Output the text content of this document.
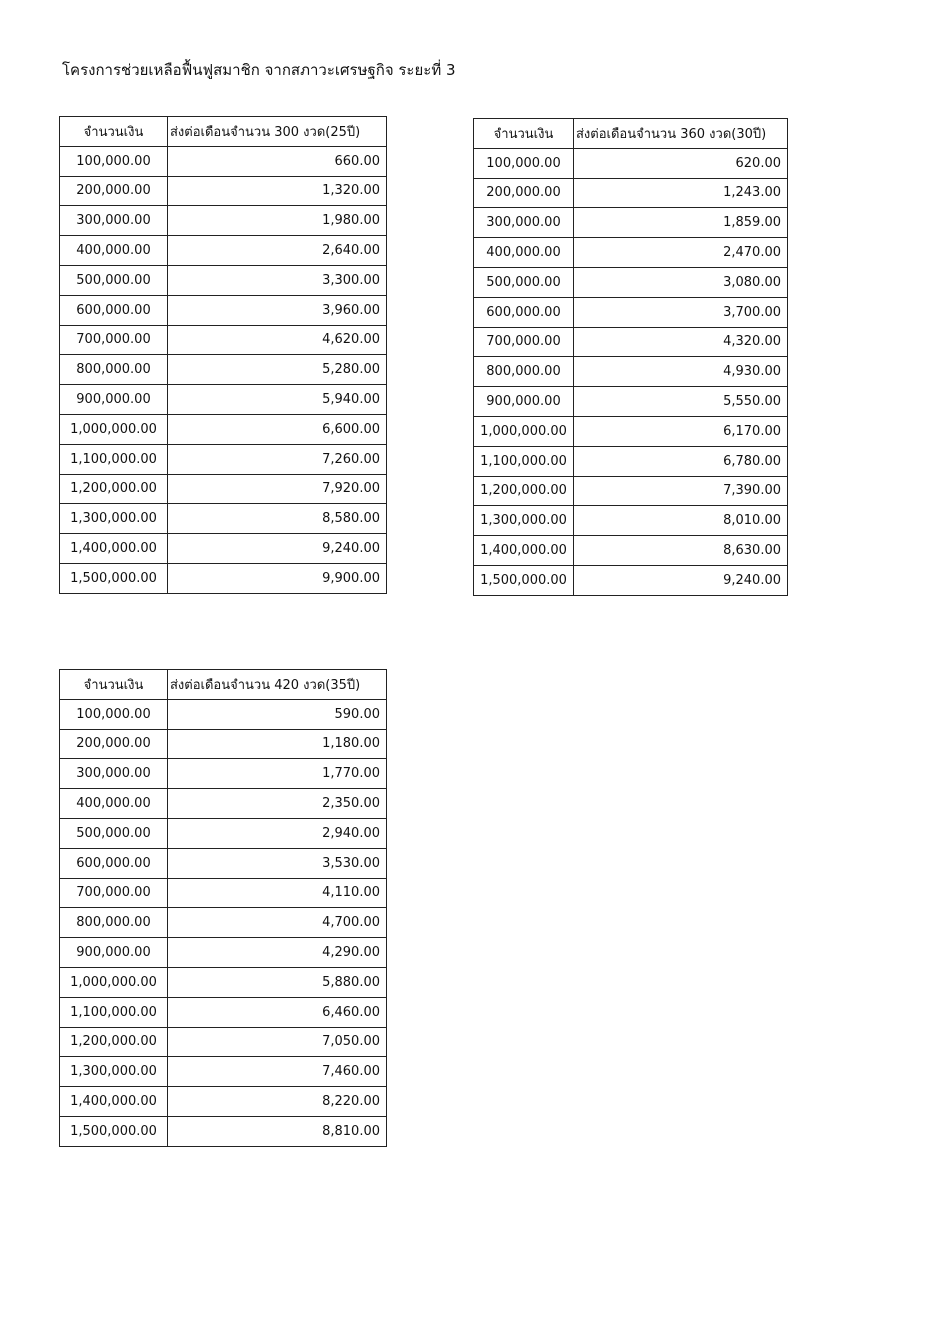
โครงการช่วยเหลือฟื้นฟูสมาชิก จากสภาวะเศรษฐกิจ ระยะที่ 3
จำนวนเงิน	ส่งต่อเดือนจำนวน 300 งวด(25ปี)
100,000.00	660.00
200,000.00	1,320.00
300,000.00	1,980.00
400,000.00	2,640.00
500,000.00	3,300.00
600,000.00	3,960.00
700,000.00	4,620.00
800,000.00	5,280.00
900,000.00	5,940.00
1,000,000.00	6,600.00
1,100,000.00	7,260.00
1,200,000.00	7,920.00
1,300,000.00	8,580.00
1,400,000.00	9,240.00
1,500,000.00	9,900.00
จำนวนเงิน	ส่งต่อเดือนจำนวน 360 งวด(30ปี)
100,000.00	620.00
200,000.00	1,243.00
300,000.00	1,859.00
400,000.00	2,470.00
500,000.00	3,080.00
600,000.00	3,700.00
700,000.00	4,320.00
800,000.00	4,930.00
900,000.00	5,550.00
1,000,000.00	6,170.00
1,100,000.00	6,780.00
1,200,000.00	7,390.00
1,300,000.00	8,010.00
1,400,000.00	8,630.00
1,500,000.00	9,240.00
จำนวนเงิน	ส่งต่อเดือนจำนวน 420 งวด(35ปี)
100,000.00	590.00
200,000.00	1,180.00
300,000.00	1,770.00
400,000.00	2,350.00
500,000.00	2,940.00
600,000.00	3,530.00
700,000.00	4,110.00
800,000.00	4,700.00
900,000.00	4,290.00
1,000,000.00	5,880.00
1,100,000.00	6,460.00
1,200,000.00	7,050.00
1,300,000.00	7,460.00
1,400,000.00	8,220.00
1,500,000.00	8,810.00
